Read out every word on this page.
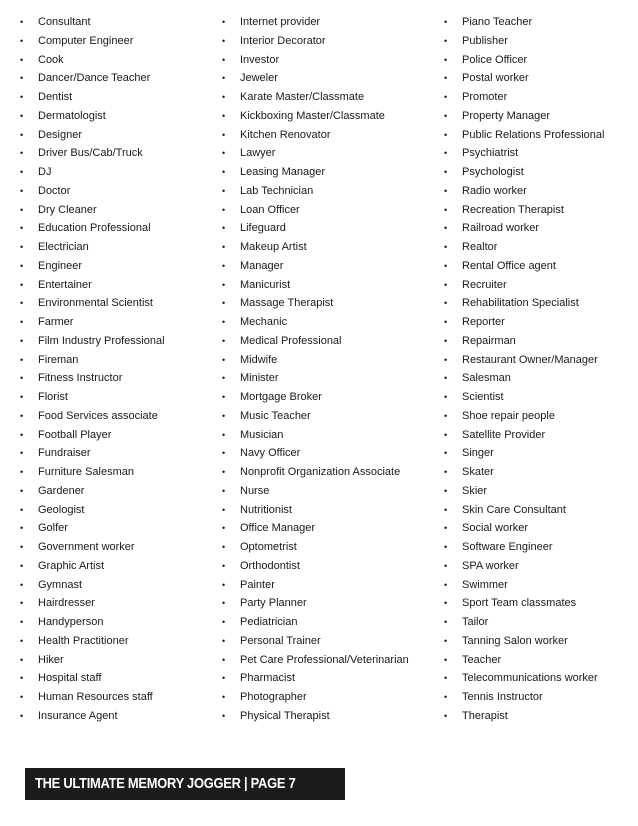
• Consultant
• Computer Engineer
• Cook
• Dancer/Dance Teacher
• Dentist
• Dermatologist
• Designer
• Driver Bus/Cab/Truck
• DJ
• Doctor
• Dry Cleaner
• Education Professional
• Electrician
• Engineer
• Entertainer
• Environmental Scientist
• Farmer
• Film Industry Professional
• Fireman
• Fitness Instructor
• Florist
• Food Services associate
• Football Player
• Fundraiser
• Furniture Salesman
• Gardener
• Geologist
• Golfer
• Government worker
• Graphic Artist
• Gymnast
• Hairdresser
• Handyperson
• Health Practitioner
• Hiker
• Hospital staff
• Human Resources staff
• Insurance Agent
• Internet provider
• Interior Decorator
• Investor
• Jeweler
• Karate Master/Classmate
• Kickboxing Master/Classmate
• Kitchen Renovator
• Lawyer
• Leasing Manager
• Lab Technician
• Loan Officer
• Lifeguard
• Makeup Artist
• Manager
• Manicurist
• Massage Therapist
• Mechanic
• Medical Professional
• Midwife
• Minister
• Mortgage Broker
• Music Teacher
• Musician
• Navy Officer
• Nonprofit Organization Associate
• Nurse
• Nutritionist
• Office Manager
• Optometrist
• Orthodontist
• Painter
• Party Planner
• Pediatrician
• Personal Trainer
• Pet Care Professional/Veterinarian
• Pharmacist
• Photographer
• Physical Therapist
• Piano Teacher
• Publisher
• Police Officer
• Postal worker
• Promoter
• Property Manager
• Public Relations Professional
• Psychiatrist
• Psychologist
• Radio worker
• Recreation Therapist
• Railroad worker
• Realtor
• Rental Office agent
• Recruiter
• Rehabilitation Specialist
• Reporter
• Repairman
• Restaurant Owner/Manager
• Salesman
• Scientist
• Shoe repair people
• Satellite Provider
• Singer
• Skater
• Skier
• Skin Care Consultant
• Social worker
• Software Engineer
• SPA worker
• Swimmer
• Sport Team classmates
• Tailor
• Tanning Salon worker
• Teacher
• Telecommunications worker
• Tennis Instructor
• Therapist
THE ULTIMATE MEMORY JOGGER | PAGE 7
